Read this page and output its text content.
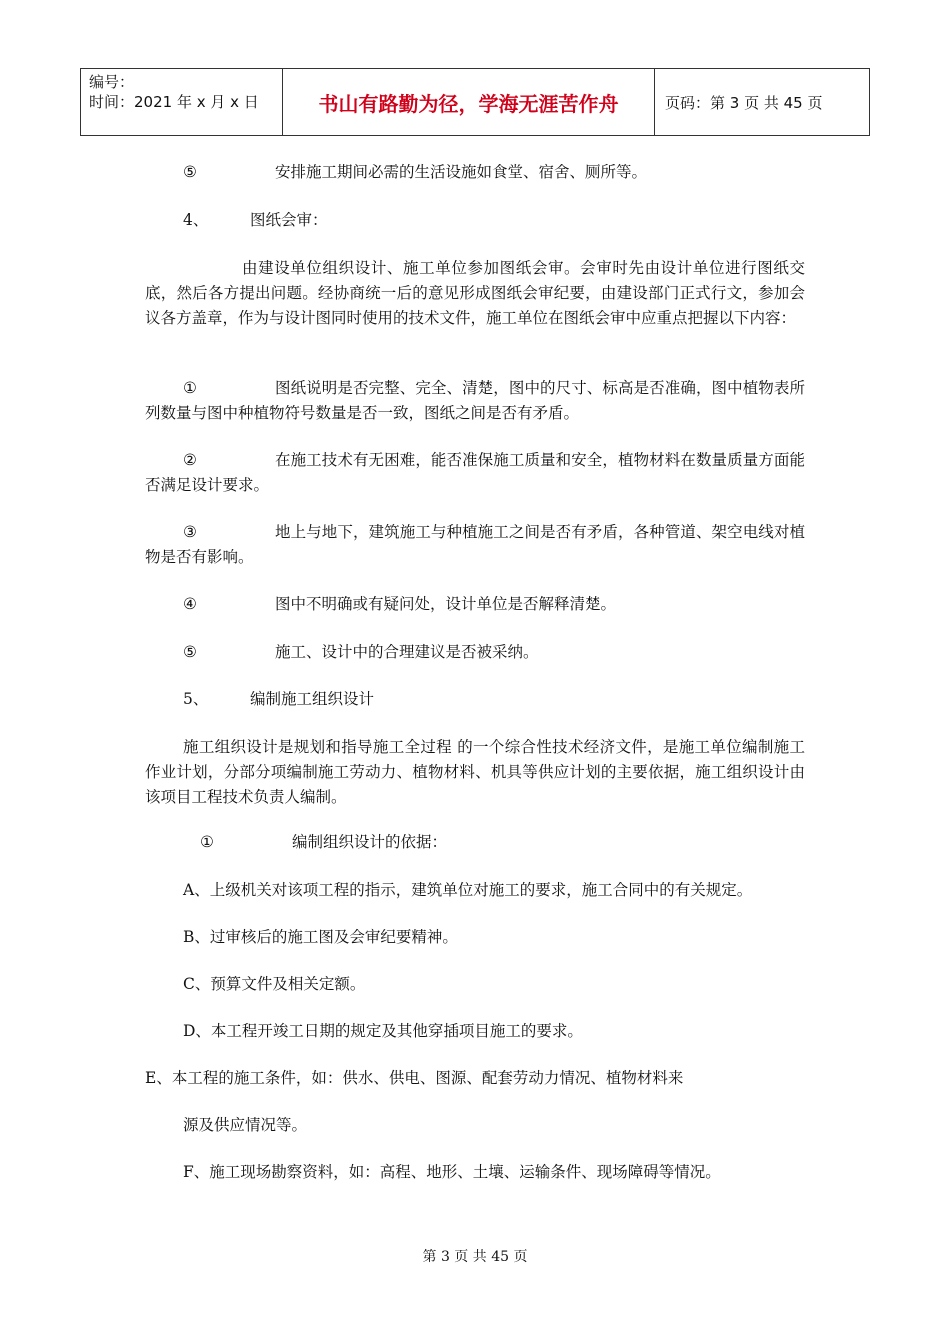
编号：
时间：2021 年 x 月 x 日	书山有路勤为径，学海无涯苦作舟	页码：第 3 页 共 45 页
⑤	安排施工期间必需的生活设施如食堂、宿舍、厕所等。
4、	图纸会审：
由建设单位组织设计、施工单位参加图纸会审。会审时先由设计单位进行图纸交底，然后各方提出问题。经协商统一后的意见形成图纸会审纪要，由建设部门正式行文，参加会议各方盖章，作为与设计图同时使用的技术文件，施工单位在图纸会审中应重点把握以下内容：
①	图纸说明是否完整、完全、清楚，图中的尺寸、标高是否准确，图中植物表所列数量与图中种植物符号数量是否一致，图纸之间是否有矛盾。
②	在施工技术有无困难，能否准保施工质量和安全，植物材料在数量质量方面能否满足设计要求。
③	地上与地下，建筑施工与种植施工之间是否有矛盾，各种管道、架空电线对植物是否有影响。
④	图中不明确或有疑问处，设计单位是否解释清楚。
⑤	施工、设计中的合理建议是否被采纳。
5、	编制施工组织设计
施工组织设计是规划和指导施工全过程 的一个综合性技术经济文件，是施工单位编制施工作业计划，分部分项编制施工劳动力、植物材料、机具等供应计划的主要依据，施工组织设计由该项目工程技术负责人编制。
①	编制组织设计的依据：
A、上级机关对该项工程的指示，建筑单位对施工的要求，施工合同中的有关规定。
B、过审核后的施工图及会审纪要精神。
C、预算文件及相关定额。
D、本工程开竣工日期的规定及其他穿插项目施工的要求。
E、本工程的施工条件，如：供水、供电、图源、配套劳动力情况、植物材料来
源及供应情况等。
F、施工现场勘察资料，如：高程、地形、土壤、运输条件、现场障碍等情况。
第 3 页 共 45 页
